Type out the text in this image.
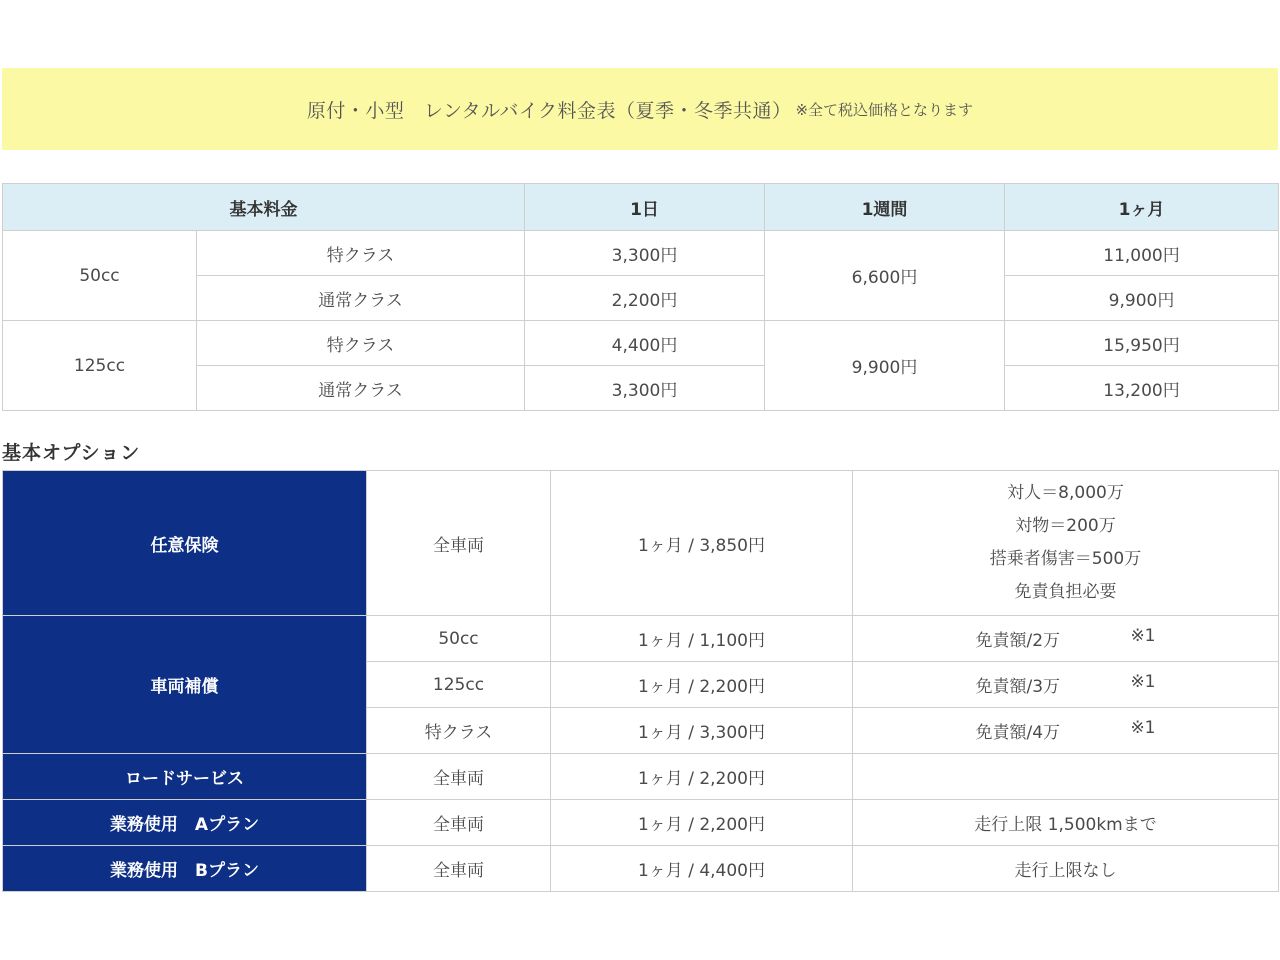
原付・小型　レンタルバイク料金表（夏季・冬季共通） ※全て税込価格となります
基本料金		1日	1週間	1ヶ月
50cc	特クラス	3,300円	6,600円	11,000円
	通常クラス	2,200円		9,900円
125cc	特クラス	4,400円	9,900円	15,950円
	通常クラス	3,300円		13,200円
基本オプション
任意保険	全車両	1ヶ月 / 3,850円	対人＝8,000万
対物＝200万
搭乗者傷害＝500万
免責負担必要

車両補償	50cc	1ヶ月 / 1,100円	免責額/2万 ※1

	125cc	1ヶ月 / 2,200円	免責額/3万 ※1

	特クラス	1ヶ月 / 3,300円	免責額/4万 ※1

ロードサービス	全車両	1ヶ月 / 2,200円	
業務使用　Aプラン	全車両	1ヶ月 / 2,200円	走行上限 1,500kmまで
業務使用　Bプラン	全車両	1ヶ月 / 4,400円	走行上限なし
